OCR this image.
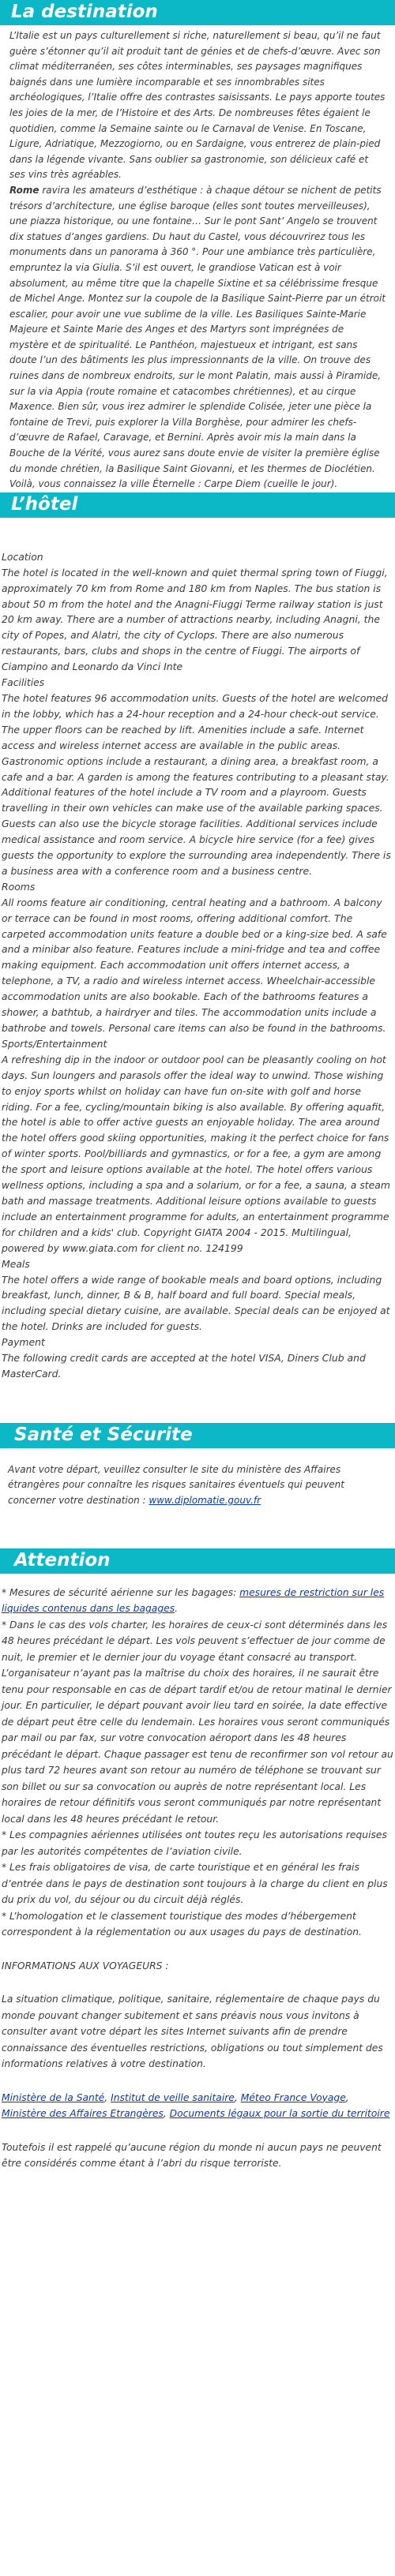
La destination

L’Italie est un pays culturellement si riche, naturellement si beau, qu’il ne faut guère s’étonner qu’il ait produit tant de génies et de chefs-d’œuvre. Avec son climat méditerranéen, ses côtes interminables, ses paysages magnifiques baignés dans une lumière incomparable et ses innombrables sites archéologiques, l’Italie offre des contrastes saisissants. Le pays apporte toutes les joies de la mer, de l’Histoire et des Arts. De nombreuses fêtes égaient le quotidien, comme la Semaine sainte ou le Carnaval de Venise. En Toscane, Ligure, Adriatique, Mezzogiorno, ou en Sardaigne, vous entrerez de plain-pied dans la légende vivante. Sans oublier sa gastronomie, son délicieux café et ses vins très agréables.

Rome ravira les amateurs d’esthétique : à chaque détour se nichent de petits trésors d’architecture, une église baroque (elles sont toutes merveilleuses), une piazza historique, ou une fontaine… Sur le pont Sant’ Angelo se trouvent dix statues d’anges gardiens. Du haut du Castel, vous découvrirez tous les monuments dans un panorama à 360 °. Pour une ambiance très particulière, empruntez la via Giulia. S’il est ouvert, le grandiose Vatican est à voir absolument, au même titre que la chapelle Sixtine et sa célébrissime fresque de Michel Ange. Montez sur la coupole de la Basilique Saint-Pierre par un étroit escalier, pour avoir une vue sublime de la ville. Les Basiliques Sainte-Marie Majeure et Sainte Marie des Anges et des Martyrs sont imprégnées de mystère et de spiritualité. Le Panthéon, majestueux et intrigant, est sans doute l’un des bâtiments les plus impressionnants de la ville. On trouve des ruines dans de nombreux endroits, sur le mont Palatin, mais aussi à Piramide, sur la via Appia (route romaine et catacombes chrétiennes), et au cirque Maxence. Bien sûr, vous irez admirer le splendide Colisée, jeter une pièce la fontaine de Trevi, puis explorer la Villa Borghèse, pour admirer les chefs-d’œuvre de Rafael, Caravage, et Bernini. Après avoir mis la main dans la Bouche de la Vérité, vous aurez sans doute envie de visiter la première église du monde chrétien, la Basilique Saint Giovanni, et les thermes de Dioclétien. Voilà, vous connaissez la ville Éternelle : Carpe Diem (cueille le jour).

L’hôtel

Location

The hotel is located in the well-known and quiet thermal spring town of Fiuggi, approximately 70 km from Rome and 180 km from Naples. The bus station is about 50 m from the hotel and the Anagni-Fiuggi Terme railway station is just 20 km away. There are a number of attractions nearby, including Anagni, the city of Popes, and Alatri, the city of Cyclops. There are also numerous restaurants, bars, clubs and shops in the centre of Fiuggi. The airports of Ciampino and Leonardo da Vinci Inte

Facilities

The hotel features 96 accommodation units. Guests of the hotel are welcomed in the lobby, which has a 24-hour reception and a 24-hour check-out service. The upper floors can be reached by lift. Amenities include a safe. Internet access and wireless internet access are available in the public areas. Gastronomic options include a restaurant, a dining area, a breakfast room, a cafe and a bar. A garden is among the features contributing to a pleasant stay. Additional features of the hotel include a TV room and a playroom. Guests travelling in their own vehicles can make use of the available parking spaces. Guests can also use the bicycle storage facilities. Additional services include medical assistance and room service. A bicycle hire service (for a fee) gives guests the opportunity to explore the surrounding area independently. There is a business area with a conference room and a business centre.

Rooms

All rooms feature air conditioning, central heating and a bathroom. A balcony or terrace can be found in most rooms, offering additional comfort. The carpeted accommodation units feature a double bed or a king-size bed. A safe and a minibar also feature. Features include a mini-fridge and tea and coffee making equipment. Each accommodation unit offers internet access, a telephone, a TV, a radio and wireless internet access. Wheelchair-accessible accommodation units are also bookable. Each of the bathrooms features a shower, a bathtub, a hairdryer and tiles. The accommodation units include a bathrobe and towels. Personal care items can also be found in the bathrooms.

Sports/Entertainment

A refreshing dip in the indoor or outdoor pool can be pleasantly cooling on hot days. Sun loungers and parasols offer the ideal way to unwind. Those wishing to enjoy sports whilst on holiday can have fun on-site with golf and horse riding. For a fee, cycling/mountain biking is also available. By offering aquafit, the hotel is able to offer active guests an enjoyable holiday. The area around the hotel offers good skiing opportunities, making it the perfect choice for fans of winter sports. Pool/billiards and gymnastics, or for a fee, a gym are among the sport and leisure options available at the hotel. The hotel offers various wellness options, including a spa and a solarium, or for a fee, a sauna, a steam bath and massage treatments. Additional leisure options available to guests include an entertainment programme for adults, an entertainment programme for children and a kids' club. Copyright GIATA 2004 - 2015. Multilingual, powered by www.giata.com for client no. 124199

Meals

The hotel offers a wide range of bookable meals and board options, including breakfast, lunch, dinner, B & B, half board and full board. Special meals, including special dietary cuisine, are available. Special deals can be enjoyed at the hotel. Drinks are included for guests.

Payment

The following credit cards are accepted at the hotel VISA, Diners Club and MasterCard.

Santé et Sécurite

Avant votre départ, veuillez consulter le site du ministère des Affaires étrangères pour connaître les risques sanitaires éventuels qui peuvent concerner votre destination : www.diplomatie.gouv.fr

Attention

* Mesures de sécurité aérienne sur les bagages: mesures de restriction sur les liquides contenus dans les bagages.

* Dans le cas des vols charter, les horaires de ceux-ci sont déterminés dans les 48 heures précédant le départ. Les vols peuvent s’effectuer de jour comme de nuit, le premier et le dernier jour du voyage étant consacré au transport. L’organisateur n’ayant pas la maîtrise du choix des horaires, il ne saurait être tenu pour responsable en cas de départ tardif et/ou de retour matinal le dernier jour. En particulier, le départ pouvant avoir lieu tard en soirée, la date effective de départ peut être celle du lendemain. Les horaires vous seront communiqués par mail ou par fax, sur votre convocation aéroport dans les 48 heures précédant le départ. Chaque passager est tenu de reconfirmer son vol retour au plus tard 72 heures avant son retour au numéro de téléphone se trouvant sur son billet ou sur sa convocation ou auprès de notre représentant local. Les horaires de retour définitifs vous seront communiqués par notre représentant local dans les 48 heures précédant le retour.

* Les compagnies aériennes utilisées ont toutes reçu les autorisations requises par les autorités compétentes de l’aviation civile.

* Les frais obligatoires de visa, de carte touristique et en général les frais d’entrée dans le pays de destination sont toujours à la charge du client en plus du prix du vol, du séjour ou du circuit déjà réglés.

* L’homologation et le classement touristique des modes d’hébergement correspondent à la réglementation ou aux usages du pays de destination.

INFORMATIONS AUX VOYAGEURS :

La situation climatique, politique, sanitaire, réglementaire de chaque pays du monde pouvant changer subitement et sans préavis nous vous invitons à consulter avant votre départ les sites Internet suivants afin de prendre connaissance des éventuelles restrictions, obligations ou tout simplement des informations relatives à votre destination.

Ministère de la Santé, Institut de veille sanitaire, Méteo France Voyage, Ministère des Affaires Etrangères, Documents légaux pour la sortie du territoire

Toutefois il est rappelé qu’aucune région du monde ni aucun pays ne peuvent être considérés comme étant à l’abri du risque terroriste.
